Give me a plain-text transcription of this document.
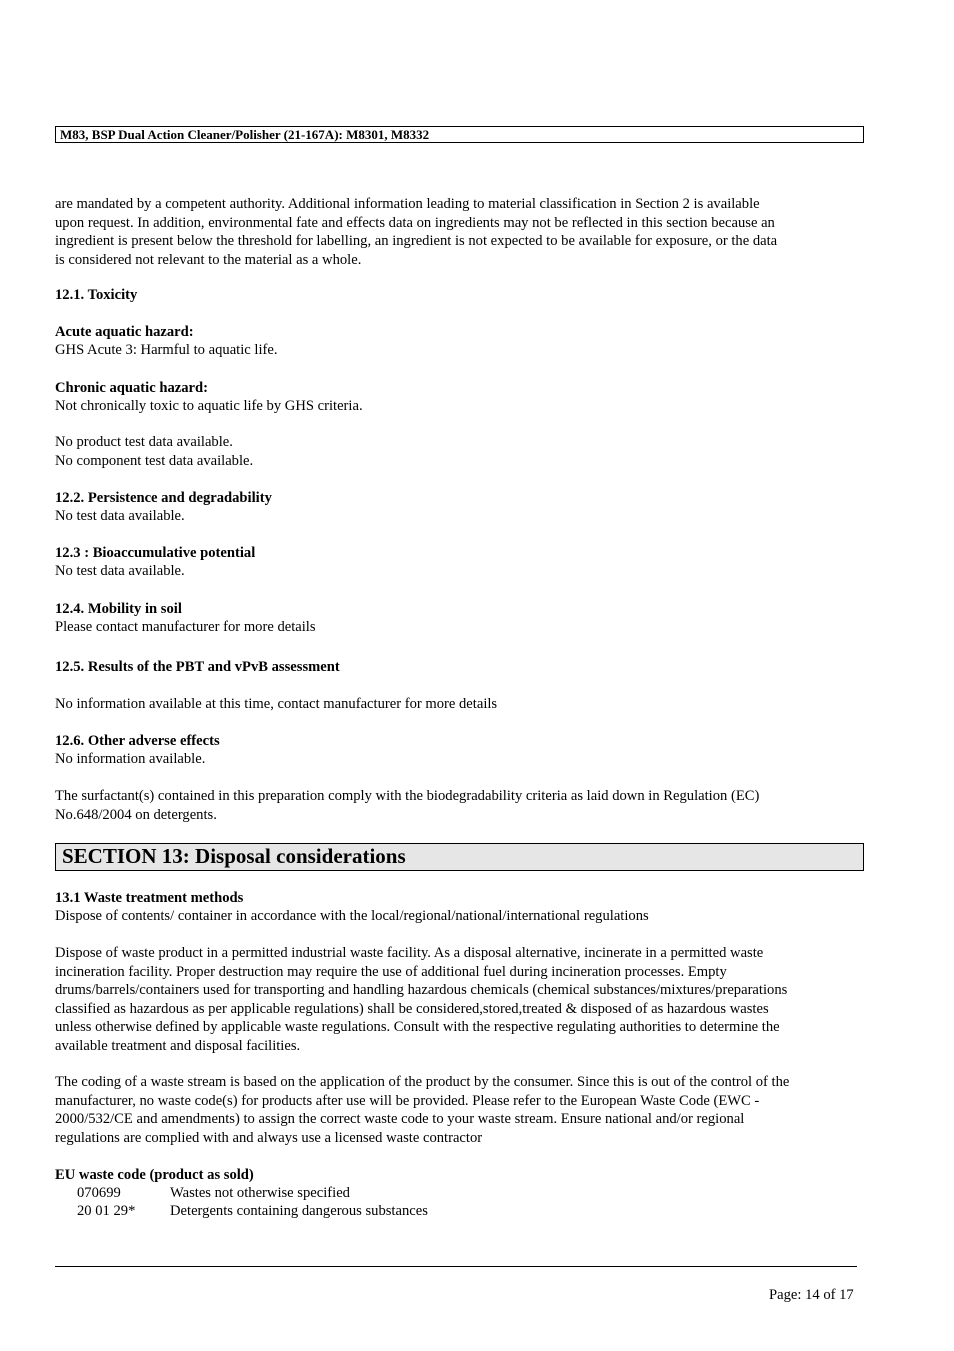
M83, BSP Dual Action Cleaner/Polisher (21-167A): M8301, M8332
are mandated by a competent authority. Additional information leading to material classification in Section 2 is available
upon request. In addition, environmental fate and effects data on ingredients may not be reflected in this section because an
ingredient is present below the threshold for labelling, an ingredient is not expected to be available for exposure, or the data
is considered not relevant to the material as a whole.
12.1. Toxicity
Acute aquatic hazard:
GHS Acute 3: Harmful to aquatic life.
Chronic aquatic hazard:
Not chronically toxic to aquatic life by GHS criteria.
No product test data available.
No component test data available.
12.2. Persistence and degradability
No test data available.
12.3 : Bioaccumulative potential
No test data available.
12.4. Mobility in soil
Please contact manufacturer for more details
12.5. Results of the PBT and vPvB assessment
No information available at this time, contact manufacturer for more details
12.6. Other adverse effects
No information available.
The surfactant(s) contained in this preparation comply with the biodegradability criteria as laid down in Regulation (EC)
No.648/2004 on detergents.
SECTION 13: Disposal considerations
13.1 Waste treatment methods
Dispose of contents/ container in accordance with the local/regional/national/international regulations
Dispose of waste product in a permitted industrial waste facility. As a disposal alternative, incinerate in a permitted waste
incineration facility. Proper destruction may require the use of additional fuel during incineration processes. Empty
drums/barrels/containers used for transporting and handling hazardous chemicals (chemical substances/mixtures/preparations
classified as hazardous as per applicable regulations) shall be considered,stored,treated & disposed of as hazardous wastes
unless otherwise defined by applicable waste regulations. Consult with the respective regulating authorities to determine the
available treatment and disposal facilities.
The coding of a waste stream is based on the application of the product by the consumer. Since this is out of the control of the
manufacturer, no waste code(s) for products after use will be provided. Please refer to the European Waste Code (EWC -
2000/532/CE and amendments) to assign the correct waste code to your waste stream. Ensure national and/or regional
regulations are complied with and always use a licensed waste contractor
EU waste code (product as sold)
070699	Wastes not otherwise specified
20 01 29* Detergents containing dangerous substances
Page: 14 of 17
